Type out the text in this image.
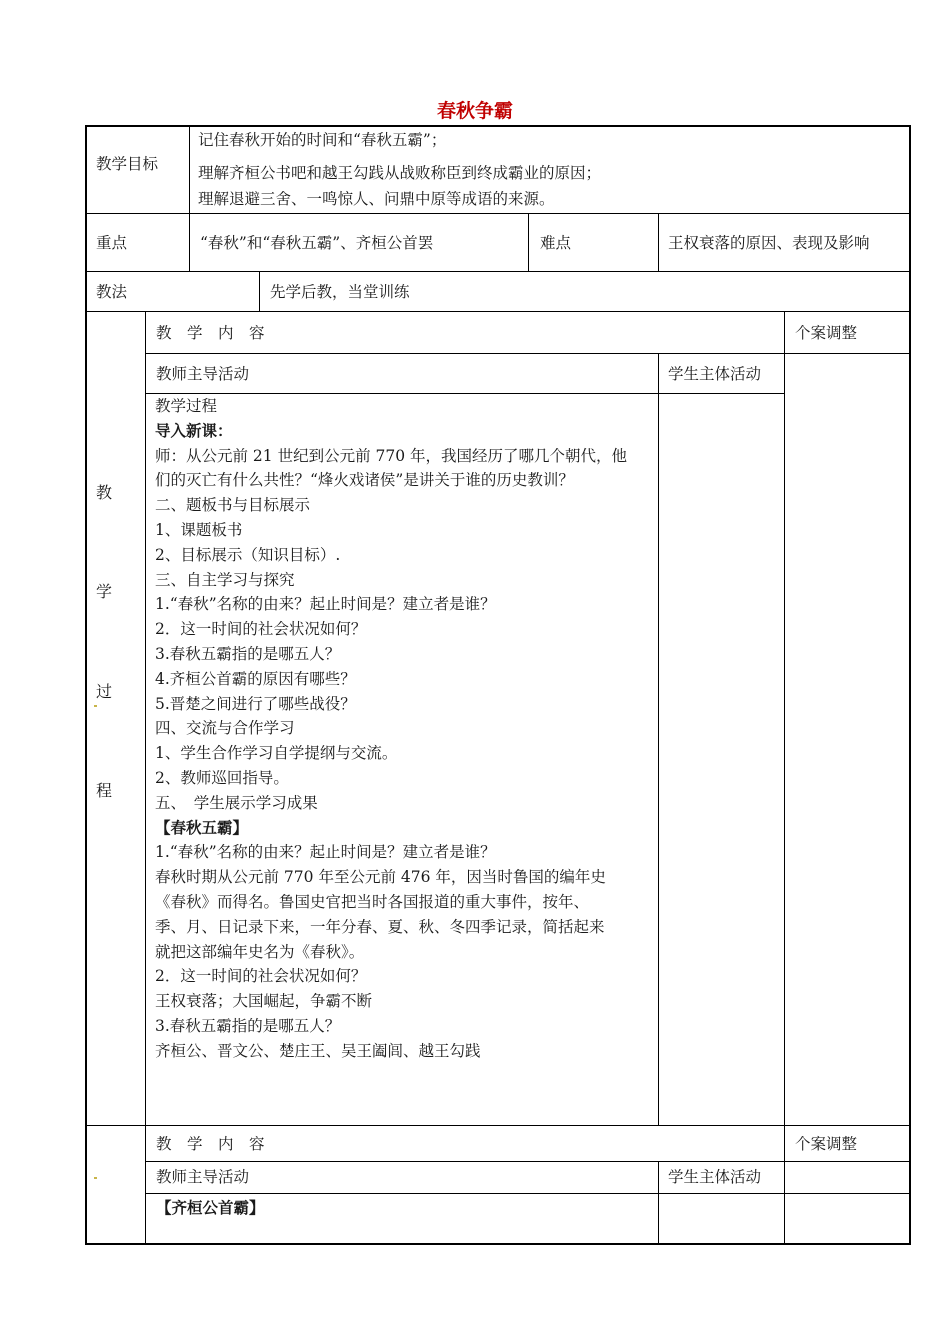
春秋争霸
教学目标
记住春秋开始的时间和“春秋五霸”；
理解齐桓公书吧和越王勾践从战败称臣到终成霸业的原因；
理解退避三舍、一鸣惊人、问鼎中原等成语的来源。
重点	“春秋”和“春秋五霸”、齐桓公首罢	难点	王权衰落的原因、表现及影响
教法	先学后教，当堂训练
教
学
过
程
教　学　内　容	个案调整
教师主导活动	学生主体活动
教学过程
导入新课：
师：从公元前 21 世纪到公元前 770 年，我国经历了哪几个朝代，他
们的灭亡有什么共性？“烽火戏诸侯”是讲关于谁的历史教训？
二、题板书与目标展示
1、课题板书
2、目标展示（知识目标）.
三、自主学习与探究
1.“春秋”名称的由来？起止时间是？建立者是谁？
2．这一时间的社会状况如何？
3.春秋五霸指的是哪五人？
4.齐桓公首霸的原因有哪些？
5.晋楚之间进行了哪些战役？
四、交流与合作学习
1、学生合作学习自学提纲与交流。
2、教师巡回指导。
五、　学生展示学习成果
【春秋五霸】
1.“春秋”名称的由来？起止时间是？建立者是谁？
春秋时期从公元前 770 年至公元前 476 年，因当时鲁国的编年史
《春秋》而得名。鲁国史官把当时各国报道的重大事件，按年、
季、月、日记录下来，一年分春、夏、秋、冬四季记录，简括起来
就把这部编年史名为《春秋》。
2．这一时间的社会状况如何？
王权衰落；大国崛起，争霸不断
3.春秋五霸指的是哪五人？
齐桓公、晋文公、楚庄王、吴王阖闾、越王勾践
教　学　内　容	个案调整
教师主导活动	学生主体活动
【齐桓公首霸】
